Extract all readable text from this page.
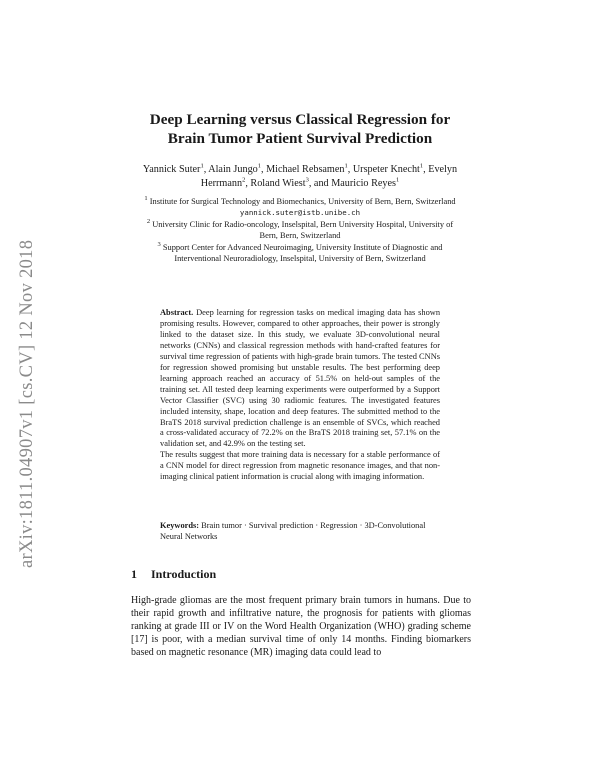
arXiv:1811.04907v1 [cs.CV] 12 Nov 2018
Deep Learning versus Classical Regression for Brain Tumor Patient Survival Prediction
Yannick Suter$^1$, Alain Jungo$^1$, Michael Rebsamen$^1$, Urspeter Knecht$^1$, Evelyn Herrmann$^2$, Roland Wiest$^3$, and Mauricio Reyes$^1$
$^1$ Institute for Surgical Technology and Biomechanics, University of Bern, Bern, Switzerland
yannick.suter@istb.unibe.ch
$^2$ University Clinic for Radio-oncology, Inselspital, Bern University Hospital, University of Bern, Bern, Switzerland
$^3$ Support Center for Advanced Neuroimaging, University Institute of Diagnostic and Interventional Neuroradiology, Inselspital, University of Bern, Switzerland

Abstract. Deep learning for regression tasks on medical imaging data has shown promising results. However, compared to other approaches, their power is strongly linked to the dataset size. In this study, we evaluate 3D-convolutional neural networks (CNNs) and classical regression methods with hand-crafted features for survival time regression of patients with high-grade brain tumors. The tested CNNs for regression showed promising but unstable results. The best performing deep learning approach reached an accuracy of 51.5% on held-out samples of the training set. All tested deep learning experiments were outperformed by a Support Vector Classifier (SVC) using 30 radiomic features. The investigated features included intensity, shape, location and deep features. The submitted method to the BraTS 2018 survival prediction challenge is an ensemble of SVCs, which reached a cross-validated accuracy of 72.2% on the BraTS 2018 training set, 57.1% on the validation set, and 42.9% on the testing set.

The results suggest that more training data is necessary for a stable performance of a CNN model for direct regression from magnetic resonance images, and that non-imaging clinical patient information is crucial along with imaging information.

Keywords: Brain tumor · Survival prediction · Regression · 3D-Convolutional Neural Networks
1 Introduction
High-grade gliomas are the most frequent primary brain tumors in humans. Due to their rapid growth and infiltrative nature, the prognosis for patients with gliomas ranking at grade III or IV on the Word Health Organization (WHO) grading scheme [17] is poor, with a median survival time of only 14 months. Finding biomarkers based on magnetic resonance (MR) imaging data could lead to
